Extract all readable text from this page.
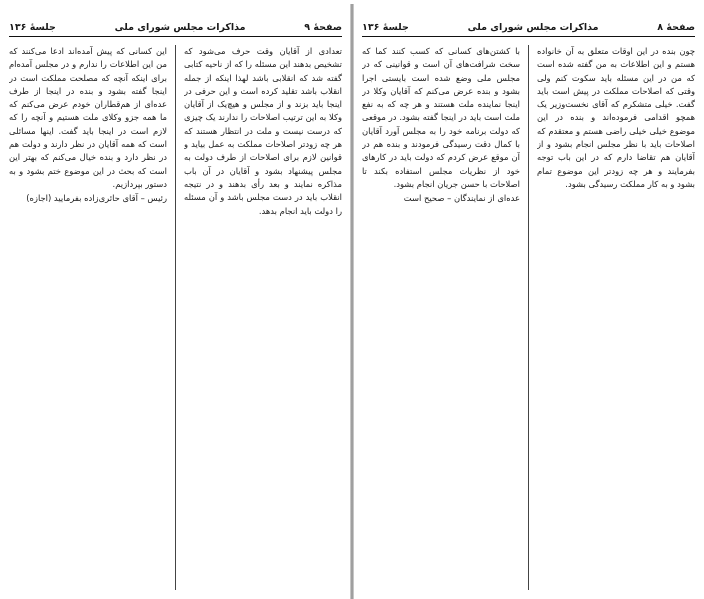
صفحهٔ ۹
مذاکرات مجلس شورای ملی
جلسهٔ ۱۳۶

تعدادی از آقایان وقت حرف می‌شود که تشخیص بدهند این مسئله را که از ناحیه کتابی گفته شد که انقلابی باشد لهذا اینکه از جمله انقلاب باشد تقلید کرده است و این حرفی در اینجا باید بزند و از مجلس و هیچ‌یک از آقایان وکلا به این ترتیب اصلاحات را ندارند یک چیزی که درست نیست و ملت در انتظار هستند که هر چه زودتر اصلاحات مملکت به عمل بیاید و قوانین لازم برای اصلاحات از طرف دولت به مجلس پیشنهاد بشود و آقایان در آن باب مذاکره نمایند و بعد رأی بدهند و در نتیجه انقلاب باید در دست مجلس باشد و آن مسئله را دولت باید انجام بدهد.

این کسانی که پیش آمده‌اند ادعا می‌کنند که من این اطلاعات را ندارم و در مجلس آمده‌ام برای اینکه آنچه که مصلحت مملکت است در اینجا گفته بشود و بنده در اینجا از طرف عده‌ای از هم‌قطاران خودم عرض می‌کنم که ما همه جزو وکلای ملت هستیم و آنچه را که لازم است در اینجا باید گفت. اینها مسائلی است که همه آقایان در نظر دارند و دولت هم در نظر دارد و بنده خیال می‌کنم که بهتر این است که بحث در این موضوع ختم بشود و به دستور بپردازیم.

رئیس – آقای حائری‌زاده بفرمایید (اجازه)

صفحهٔ ۸
مذاکرات مجلس شورای ملی
جلسهٔ ۱۳۶

چون بنده در این اوقات متعلق به آن خانواده هستم و این اطلاعات به من گفته شده است که من در این مسئله باید سکوت کنم ولی وقتی که اصلاحات مملکت در پیش است باید گفت. خیلی متشکرم که آقای نخست‌وزیر یک همچو اقدامی فرموده‌اند و بنده در این موضوع خیلی خیلی راضی هستم و معتقدم که اصلاحات باید با نظر مجلس انجام بشود و از آقایان هم تقاضا دارم که در این باب توجه بفرمایند و هر چه زودتر این موضوع تمام بشود و به کار مملکت رسیدگی بشود.

با کشتن‌های کسانی که کسب کنند کما که سخت شرافت‌های آن است و قوانینی که در مجلس ملی وضع شده است بایستی اجرا بشود و بنده عرض می‌کنم که آقایان وکلا در اینجا نماینده ملت هستند و هر چه که به نفع ملت است باید در اینجا گفته بشود. در موقعی که دولت برنامه خود را به مجلس آورد آقایان با کمال دقت رسیدگی فرمودند و بنده هم در آن موقع عرض کردم که دولت باید در کارهای خود از نظریات مجلس استفاده بکند تا اصلاحات با حسن جریان انجام بشود.

عده‌ای از نمایندگان – صحیح است
